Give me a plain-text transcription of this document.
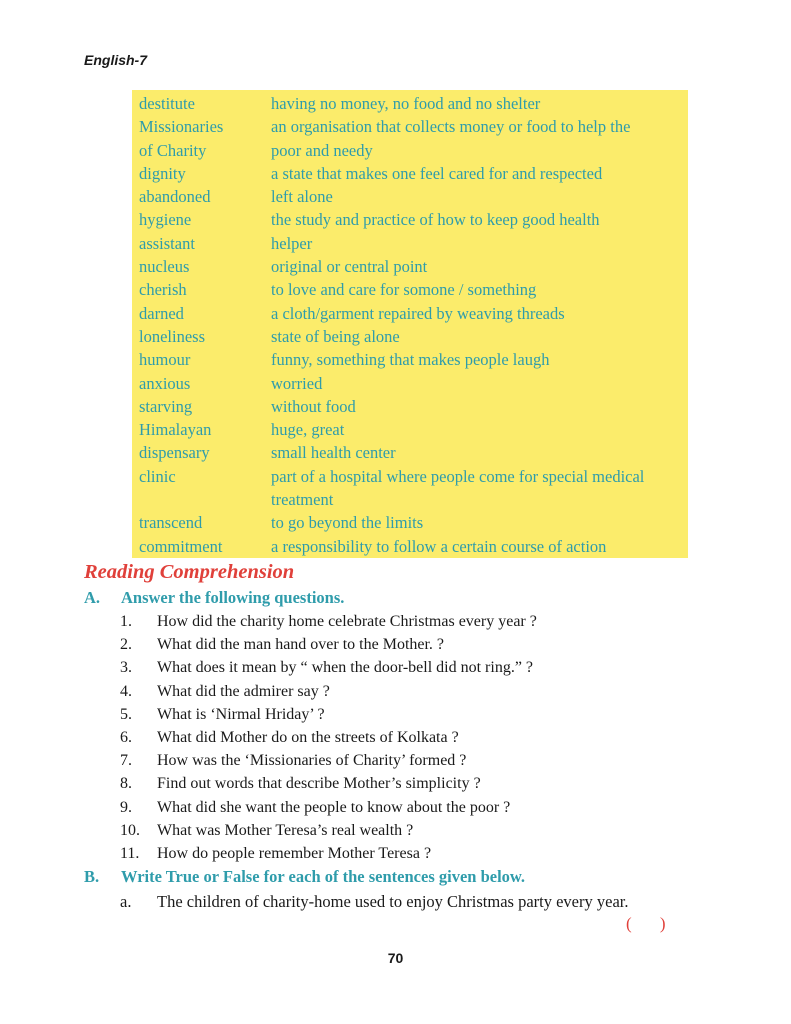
English-7
destitute	having no money, no food and no shelter
Missionaries	an organisation that collects money or food to help the
of Charity	poor and needy
dignity	a state that makes one feel cared for and respected
abandoned	left alone
hygiene	the study and practice of how to keep good health
assistant	helper
nucleus	original or central point
cherish	to love and care for somone / something
darned	a cloth/garment repaired by weaving threads
loneliness	state of being alone
humour	funny, something that makes people laugh
anxious	worried
starving	without food
Himalayan	huge, great
dispensary	small health center
clinic	part of a hospital where people come for special medical
treatment
transcend	to go beyond the limits
commitment	a responsibility to follow a certain course of action
Reading Comprehension
A. Answer the following questions.
1.	How did the charity home celebrate Christmas every year ?
2.	What did the man hand over to the Mother. ?
3.	What does it mean by “ when the door-bell did not ring.” ?
4.	What did the admirer say ?
5.	What is ‘Nirmal Hriday’ ?
6.	What did Mother do on the streets of Kolkata ?
7.	How was the ‘Missionaries of Charity’ formed ?
8.	Find out words that describe Mother’s simplicity ?
9.	What did she want the people to know about the poor ?
10.	What was Mother Teresa’s real wealth ?
11.	How do people remember Mother Teresa ?
B. Write True or False for each of the sentences given below.
a.	The children of charity-home used to enjoy Christmas party every year.
( )
70
